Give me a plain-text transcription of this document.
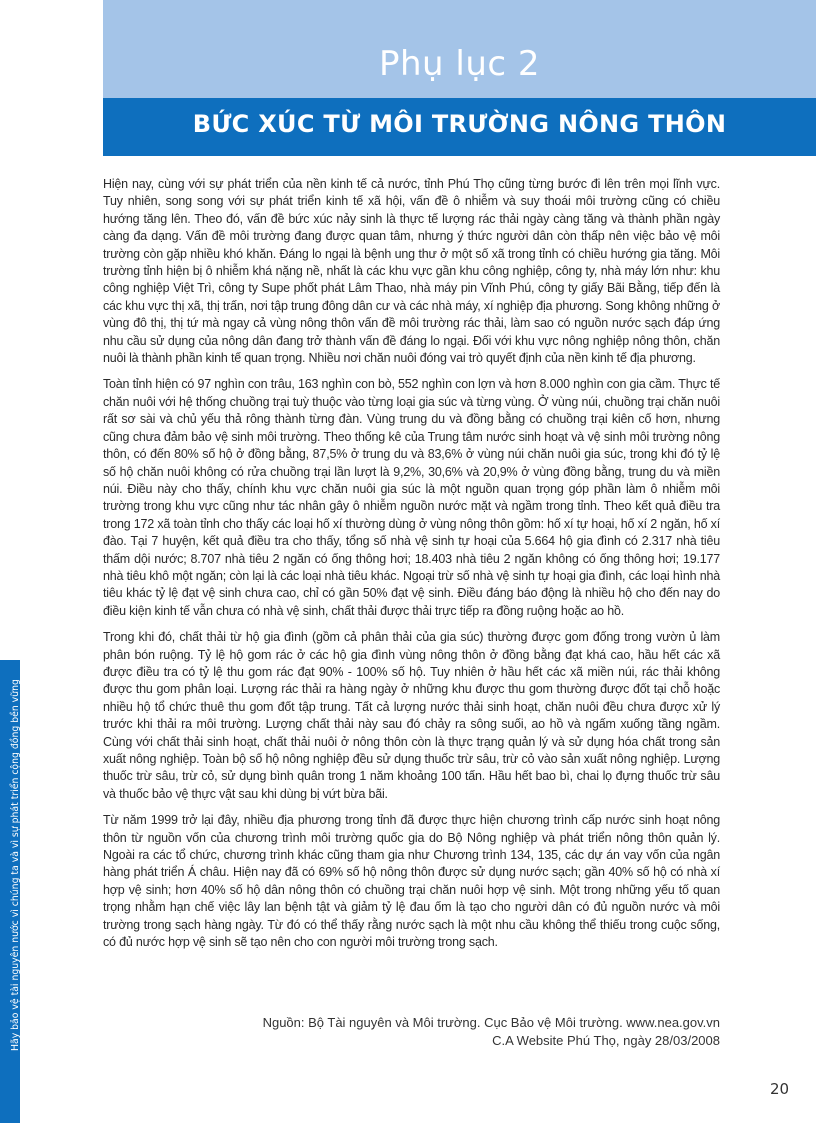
Phụ lục 2
BỨC XÚC TỪ MÔI TRƯỜNG NÔNG THÔN
Hãy bảo vệ tài nguyên nước vì chúng ta và vì sự phát triển cộng đồng bền vững

Hiện nay, cùng với sự phát triển của nền kinh tế cả nước, tỉnh Phú Thọ cũng từng bước đi lên trên mọi lĩnh vực. Tuy nhiên, song song với sự phát triển kinh tế xã hội, vấn đề ô nhiễm và suy thoái môi trường cũng có chiều hướng tăng lên. Theo đó, vấn đề bức xúc nảy sinh là thực tế lượng rác thải ngày càng tăng và thành phần ngày càng đa dạng. Vấn đề môi trường đang được quan tâm, nhưng ý thức người dân còn thấp nên việc bảo vệ môi trường còn gặp nhiều khó khăn. Đáng lo ngại là bệnh ung thư ở một số xã trong tỉnh có chiều hướng gia tăng. Môi trường tỉnh hiện bị ô nhiễm khá nặng nề, nhất là các khu vực gần khu công nghiệp, công ty, nhà máy lớn như: khu công nghiệp Việt Trì, công ty Supe phốt phát Lâm Thao, nhà máy pin Vĩnh Phú, công ty giấy Bãi Bằng, tiếp đến là các khu vực thị xã, thị trấn, nơi tập trung đông dân cư và các nhà máy, xí nghiệp địa phương. Song không những ở vùng đô thị, thị tứ mà ngay cả vùng nông thôn vấn đề môi trường rác thải, làm sao có nguồn nước sạch đáp ứng nhu cầu sử dụng của nông dân đang trở thành vấn đề đáng lo ngại. Đối với khu vực nông nghiệp nông thôn, chăn nuôi là thành phần kinh tế quan trọng. Nhiều nơi chăn nuôi đóng vai trò quyết định của nền kinh tế địa phương.

Toàn tỉnh hiện có 97 nghìn con trâu, 163 nghìn con bò, 552 nghìn con lợn và hơn 8.000 nghìn con gia cầm. Thực tế chăn nuôi với hệ thống chuồng trại tuỳ thuộc vào từng loại gia súc và từng vùng. Ở vùng núi, chuồng trại chăn nuôi rất sơ sài và chủ yếu thả rông thành từng đàn. Vùng trung du và đồng bằng có chuồng trại kiên cố hơn, nhưng cũng chưa đảm bảo vệ sinh môi trường. Theo thống kê của Trung tâm nước sinh hoạt và vệ sinh môi trường nông thôn, có đến 80% số hộ ở đồng bằng, 87,5% ở trung du và 83,6% ở vùng núi chăn nuôi gia súc, trong khi đó tỷ lệ số hộ chăn nuôi không có rửa chuồng trại lần lượt là 9,2%, 30,6% và 20,9% ở vùng đồng bằng, trung du và miền núi. Điều này cho thấy, chính khu vực chăn nuôi gia súc là một nguồn quan trọng góp phần làm ô nhiễm môi trường trong khu vực cũng như tác nhân gây ô nhiễm nguồn nước mặt và ngầm trong tỉnh. Theo kết quả điều tra trong 172 xã toàn tỉnh cho thấy các loại hố xí thường dùng ở vùng nông thôn gồm: hố xí tự hoại, hố xí 2 ngăn, hố xí đào. Tại 7 huyện, kết quả điều tra cho thấy, tổng số nhà vệ sinh tự hoại của 5.664 hộ gia đình có 2.317 nhà tiêu thấm dội nước; 8.707 nhà tiêu 2 ngăn có ống thông hơi; 18.403 nhà tiêu 2 ngăn không có ống thông hơi; 19.177 nhà tiêu khô một ngăn; còn lại là các loại nhà tiêu khác. Ngoại trừ số nhà vệ sinh tự hoại gia đình, các loại hình nhà tiêu khác tỷ lệ đạt vệ sinh chưa cao, chỉ có gần 50% đạt vệ sinh. Điều đáng báo động là nhiều hộ cho đến nay do điều kiện kinh tế vẫn chưa có nhà vệ sinh, chất thải được thải trực tiếp ra đồng ruộng hoặc ao hồ.

Trong khi đó, chất thải từ hộ gia đình (gồm cả phân thải của gia súc) thường được gom đống trong vườn ủ làm phân bón ruộng. Tỷ lệ hộ gom rác ở các hộ gia đình vùng nông thôn ở đồng bằng đạt khá cao, hầu hết các xã được điều tra có tỷ lệ thu gom rác đạt 90% - 100% số hộ. Tuy nhiên ở hầu hết các xã miền núi, rác thải không được thu gom phân loại. Lượng rác thải ra hàng ngày ở những khu được thu gom thường được đốt tại chỗ hoặc nhiều hộ tổ chức thuê thu gom đốt tập trung. Tất cả lượng nước thải sinh hoạt, chăn nuôi đều chưa được xử lý trước khi thải ra môi trường. Lượng chất thải này sau đó chảy ra sông suối, ao hồ và ngấm xuống tầng ngầm. Cùng với chất thải sinh hoạt, chất thải nuôi ở nông thôn còn là thực trạng quản lý và sử dụng hóa chất trong sản xuất nông nghiệp. Toàn bộ số hộ nông nghiệp đều sử dụng thuốc trừ sâu, trừ cỏ vào sản xuất nông nghiệp. Lượng thuốc trừ sâu, trừ cỏ, sử dụng bình quân trong 1 năm khoảng 100 tấn. Hầu hết bao bì, chai lọ đựng thuốc trừ sâu và thuốc bảo vệ thực vật sau khi dùng bị vứt bừa bãi.

Từ năm 1999 trở lại đây, nhiều địa phương trong tỉnh đã được thực hiện chương trình cấp nước sinh hoạt nông thôn từ nguồn vốn của chương trình môi trường quốc gia do Bộ Nông nghiệp và phát triển nông thôn quản lý. Ngoài ra các tổ chức, chương trình khác cũng tham gia như Chương trình 134, 135, các dự án vay vốn của ngân hàng phát triển Á châu. Hiện nay đã có 69% số hộ nông thôn được sử dụng nước sạch; gần 40% số hộ có nhà xí hợp vệ sinh; hơn 40% số hộ dân nông thôn có chuồng trại chăn nuôi hợp vệ sinh. Một trong những yếu tố quan trọng nhằm hạn chế việc lây lan bệnh tật và giảm tỷ lệ đau ốm là tạo cho người dân có đủ nguồn nước và môi trường trong sạch hàng ngày. Từ đó có thể thấy rằng nước sạch là một nhu cầu không thể thiếu trong cuộc sống, có đủ nước hợp vệ sinh sẽ tạo nên cho con người môi trường trong sạch.

Nguồn: Bộ Tài nguyên và Môi trường. Cục Bảo vệ Môi trường. www.nea.gov.vn
C.A Website Phú Thọ, ngày 28/03/2008
20
